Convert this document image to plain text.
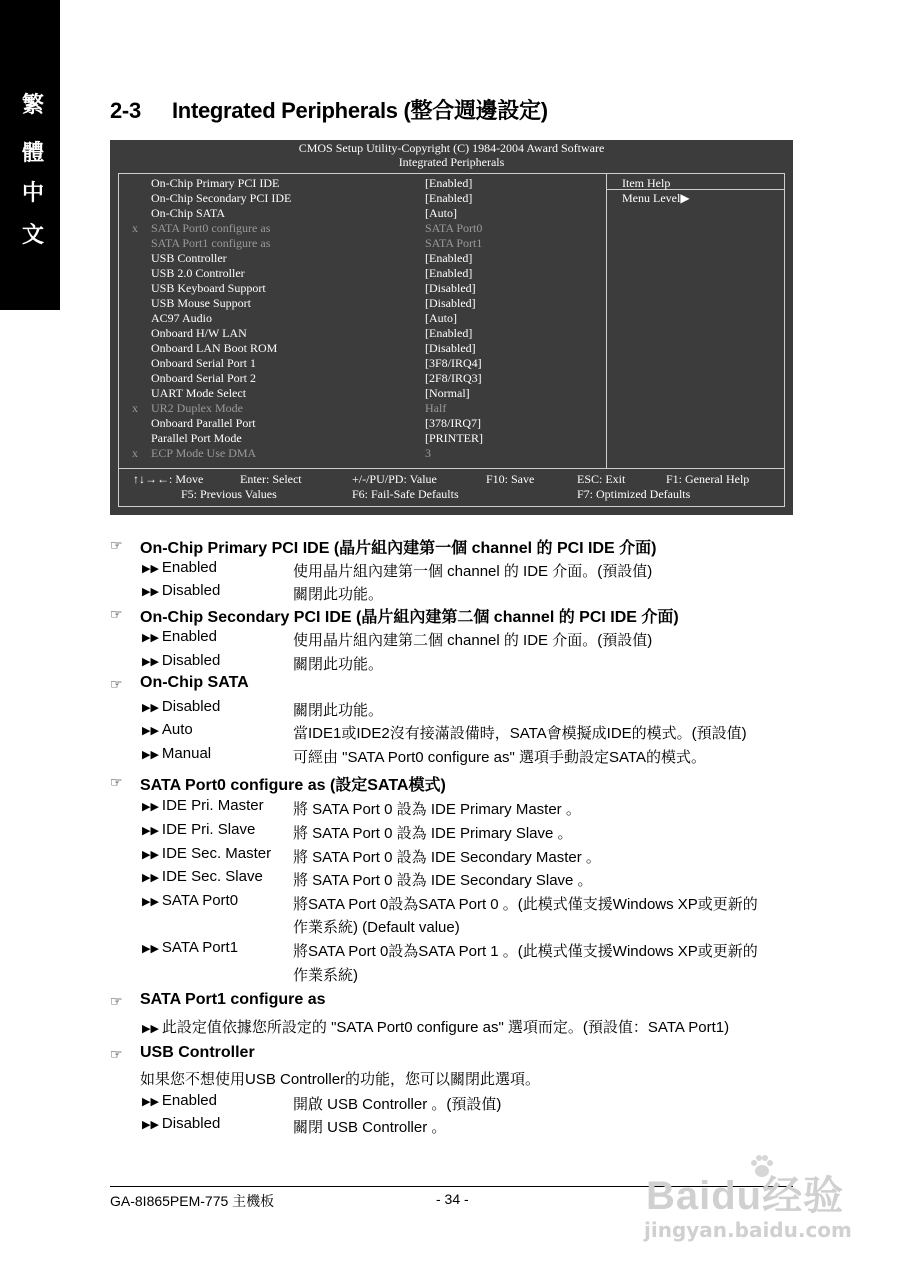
繁
體
中
文
2-3 Integrated Peripherals (整合週邊設定)
CMOS Setup Utility-Copyright (C) 1984-2004 Award Software
Integrated Peripherals
On-Chip Primary PCI IDE	[Enabled]
On-Chip Secondary PCI IDE	[Enabled]
On-Chip SATA	[Auto]
x SATA Port0 configure as	SATA Port0
SATA Port1 configure as	SATA Port1
USB Controller	[Enabled]
USB 2.0 Controller	[Enabled]
USB Keyboard Support	[Disabled]
USB Mouse Support	[Disabled]
AC97 Audio	[Auto]
Onboard H/W LAN	[Enabled]
Onboard LAN Boot ROM	[Disabled]
Onboard Serial Port 1	[3F8/IRQ4]
Onboard Serial Port 2	[2F8/IRQ3]
UART Mode Select	[Normal]
x UR2 Duplex Mode	Half
Onboard Parallel Port	[378/IRQ7]
Parallel Port Mode	[PRINTER]
x ECP Mode Use DMA	3
Item Help
Menu Level▶
↑↓→←: Move	Enter: Select	+/-/PU/PD: Value	F10: Save	ESC: Exit	F1: General Help
F5: Previous Values	F6: Fail-Safe Defaults	F7: Optimized Defaults
☞ On-Chip Primary PCI IDE (晶片組內建第一個 channel 的 PCI IDE 介面)
▶▶ Enabled	使用晶片組內建第一個 channel 的 IDE 介面。(預設值)
▶▶ Disabled	關閉此功能。
☞ On-Chip Secondary PCI IDE (晶片組內建第二個 channel 的 PCI IDE 介面)
▶▶ Enabled	使用晶片組內建第二個 channel 的 IDE 介面。(預設值)
▶▶ Disabled	關閉此功能。
☞ On-Chip SATA
▶▶ Disabled	關閉此功能。
▶▶ Auto	當IDE1或IDE2沒有接滿設備時，SATA會模擬成IDE的模式。(預設值)
▶▶ Manual	可經由 "SATA Port0 configure as" 選項手動設定SATA的模式。
☞ SATA Port0 configure as (設定SATA模式)
▶▶ IDE Pri. Master 將 SATA Port 0 設為 IDE Primary Master 。
▶▶ IDE Pri. Slave	將 SATA Port 0 設為 IDE Primary Slave 。
▶▶ IDE Sec. Master 將 SATA Port 0 設為 IDE Secondary Master 。
▶▶ IDE Sec. Slave 將 SATA Port 0 設為 IDE Secondary Slave 。
▶▶ SATA Port0	將SATA Port 0設為SATA Port 0 。(此模式僅支援Windows XP或更新的
作業系統) (Default value)
▶▶ SATA Port1	將SATA Port 0設為SATA Port 1 。(此模式僅支援Windows XP或更新的
作業系統)
☞ SATA Port1 configure as
▶▶ 此設定值依據您所設定的 "SATA Port0 configure as" 選項而定。(預設值：SATA Port1)
☞ USB Controller
如果您不想使用USB Controller的功能，您可以關閉此選項。
▶▶ Enabled	開啟 USB Controller 。(預設值)
▶▶ Disabled	關閉 USB Controller 。
GA-8I865PEM-775 主機板	- 34 -	Baidu经验
jingyan.baidu.com
